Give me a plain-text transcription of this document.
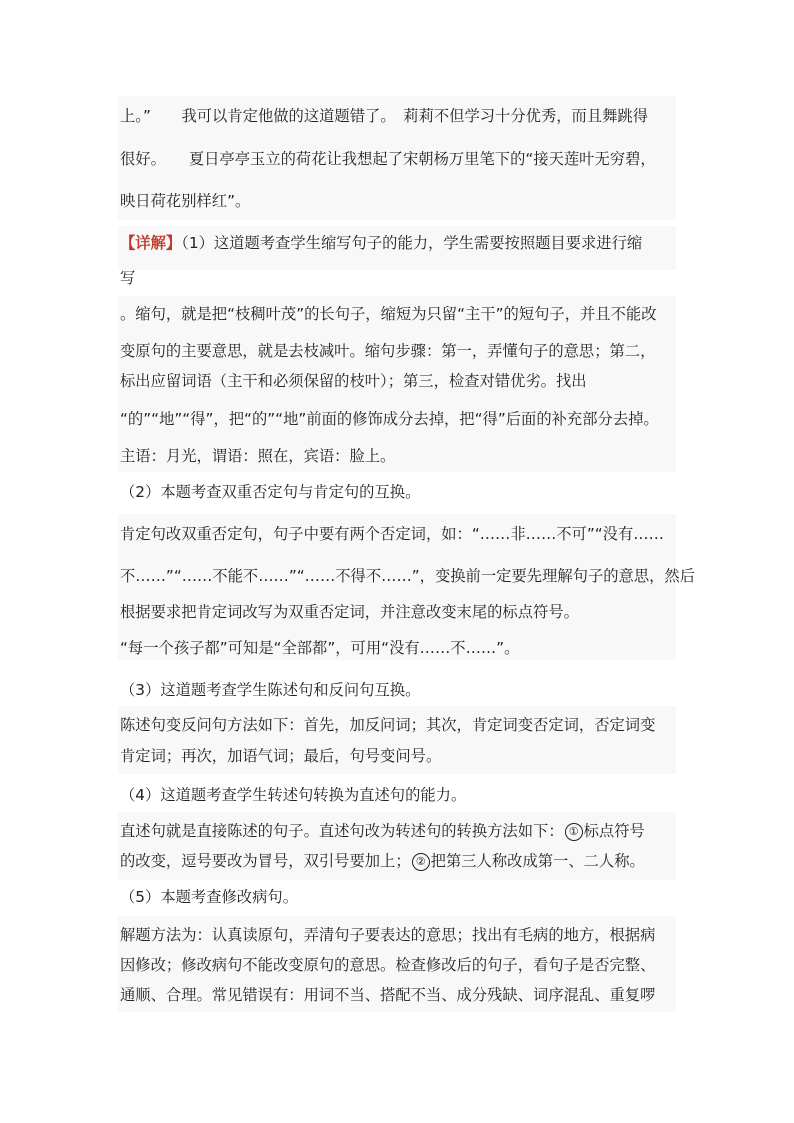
上。”　　我可以肯定他做的这道题错了。　莉莉不但学习十分优秀，而且舞跳得
很好。　　夏日亭亭玉立的荷花让我想起了宋朝杨万里笔下的“接天莲叶无穷碧，
映日荷花别样红”。
【详解】（1）这道题考查学生缩写句子的能力，学生需要按照题目要求进行缩
写
。缩句，就是把“枝稠叶茂”的长句子，缩短为只留“主干”的短句子，并且不能改
变原句的主要意思，就是去枝减叶。缩句步骤：第一，弄懂句子的意思；第二，
标出应留词语（主干和必须保留的枝叶）；第三，检查对错优劣。找出
“的”“地”“得”，把“的”“地”前面的修饰成分去掉，把“得”后面的补充部分去掉。
主语：月光，谓语：照在，宾语：脸上。
（2）本题考查双重否定句与肯定句的互换。
肯定句改双重否定句，句子中要有两个否定词，如：“……非……不可”“没有……
不……”“……不能不……”“……不得不……”，变换前一定要先理解句子的意思，然后
根据要求把肯定词改写为双重否定词，并注意改变末尾的标点符号。
“每一个孩子都”可知是“全部都”，可用“没有……不……”。
（3）这道题考查学生陈述句和反问句互换。
陈述句变反问句方法如下：首先，加反问词；其次，肯定词变否定词，否定词变
肯定词；再次，加语气词；最后，句号变问号。
（4）这道题考查学生转述句转换为直述句的能力。
直述句就是直接陈述的句子。直述句改为转述句的转换方法如下： ① 标点符号
的改变，逗号要改为冒号，双引号要加上； ② 把第三人称改成第一、二人称。
（5）本题考查修改病句。
解题方法为：认真读原句，弄清句子要表达的意思；找出有毛病的地方，根据病
因修改；修改病句不能改变原句的意思。检查修改后的句子，看句子是否完整、
通顺、合理。常见错误有：用词不当、搭配不当、成分残缺、词序混乱、重复啰
